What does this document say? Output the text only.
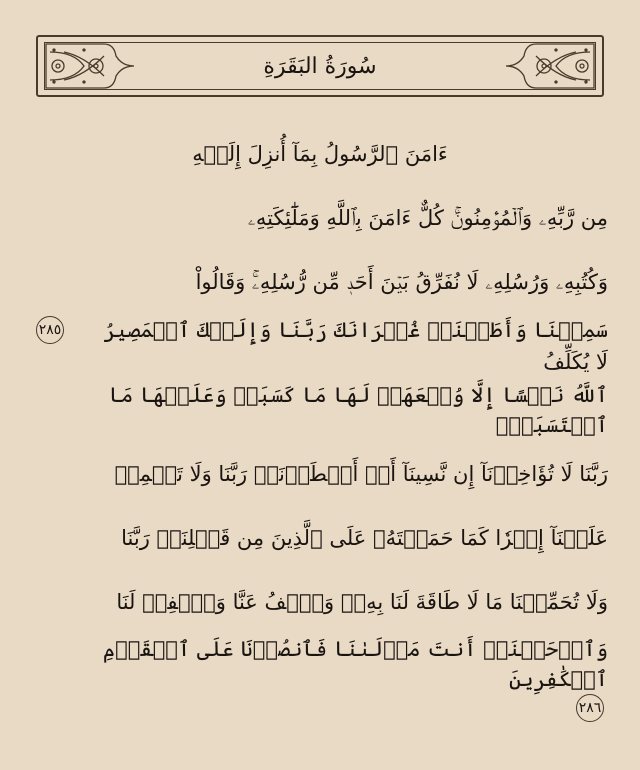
سُورَةُ البَقَرَةِ
ءَامَنَ ٱلرَّسُولُ بِمَآ أُنزِلَ إِلَيۡهِ
مِن رَّبِّهِۦ وَٱلۡمُؤۡمِنُونَۚ كُلٌّ ءَامَنَ بِٱللَّهِ وَمَلَٰٓئِكَتِهِۦ
وَكُتُبِهِۦ وَرُسُلِهِۦ لَا نُفَرِّقُ بَيۡنَ أَحَدٖ مِّن رُّسُلِهِۦۚ وَقَالُواْ
سَمِعۡنَا وَأَطَعۡنَاۖ غُفۡرَانَكَ رَبَّنَا وَإِلَيۡكَ ٱلۡمَصِيرُ
٢٨٥
لَا يُكَلِّفُ
ٱللَّهُ نَفۡسًا إِلَّا وُسۡعَهَاۚ لَهَا مَا كَسَبَتۡ وَعَلَيۡهَا مَا ٱكۡتَسَبَتۡۗ
رَبَّنَا لَا تُؤَاخِذۡنَآ إِن نَّسِينَآ أَوۡ أَخۡطَأۡنَاۚ رَبَّنَا وَلَا تَحۡمِلۡ
عَلَيۡنَآ إِصۡرٗا كَمَا حَمَلۡتَهُۥ عَلَى ٱلَّذِينَ مِن قَبۡلِنَاۚ رَبَّنَا
وَلَا تُحَمِّلۡنَا مَا لَا طَاقَةَ لَنَا بِهِۦۖ وَٱعۡفُ عَنَّا وَٱغۡفِرۡ لَنَا
وَٱرۡحَمۡنَآۚ أَنتَ مَوۡلَىٰنَا فَٱنصُرۡنَا عَلَى ٱلۡقَوۡمِ ٱلۡكَٰفِرِينَ
٢٨٦
